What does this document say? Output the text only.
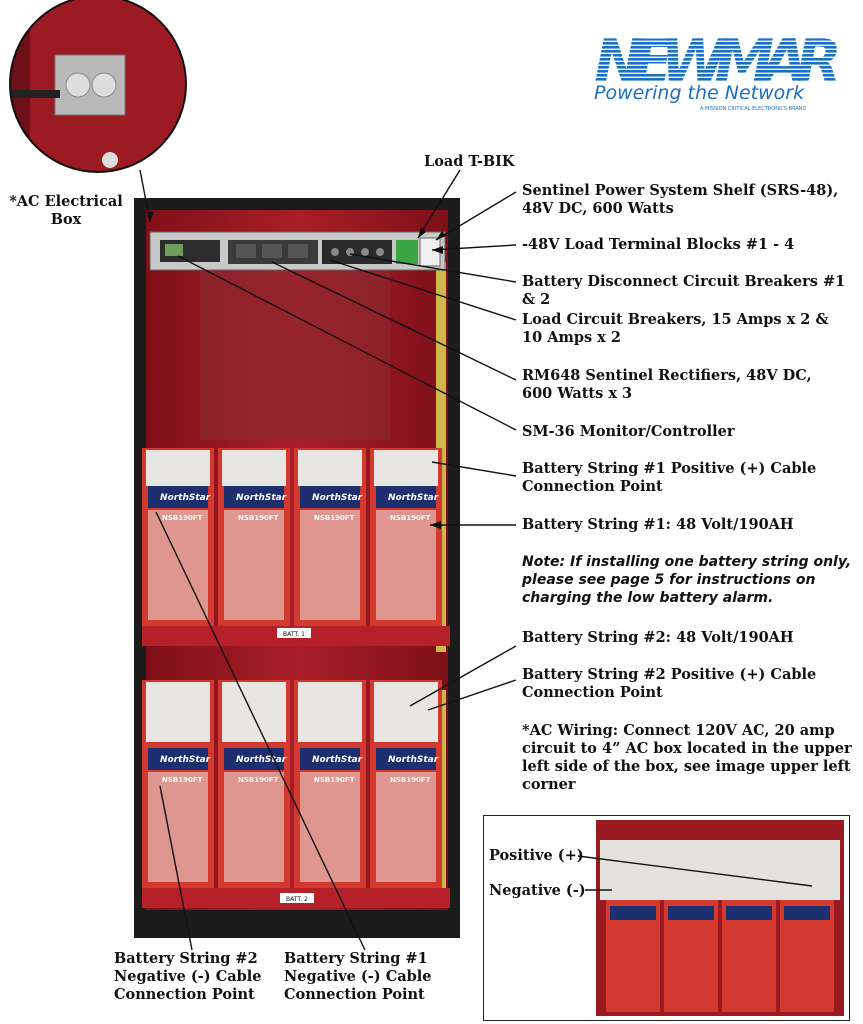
NEWMAR
Powering the Network
A MISSION CRITICAL ELECTRONICS BRAND
NorthStar	NorthStar	NorthStar	NorthStar
NorthStar	NorthStar	NorthStar	NorthStar
NSB190FT	NSB190FT	NSB190FT	NSB190FT
NSB190FT	NSB190FT	NSB190FT	NSB190FT
BATT. 1
BATT. 2
*AC Electrical Box
Load T-BIK
Sentinel Power System Shelf (SRS-48), 48V DC, 600 Watts
-48V Load Terminal Blocks #1 - 4
Battery Disconnect Circuit Breakers #1 & 2
Load Circuit Breakers, 15 Amps x 2 & 10 Amps x 2
RM648 Sentinel Rectifiers, 48V DC, 600 Watts x 3
SM-36 Monitor/Controller
Battery String #1 Positive (+) Cable Connection Point
Battery String #1: 48 Volt/190AH
Note: If installing one battery string only, please see page 5 for instructions on charging the low battery alarm.
Battery String #2: 48 Volt/190AH
Battery String #2 Positive (+) Cable Connection Point
*AC Wiring: Connect 120V AC, 20 amp circuit to 4” AC box located in the upper left side of the box, see image upper left corner
Battery String #2 Negative (-) Cable Connection Point
Battery String #1 Negative (-) Cable Connection Point
Positive (+)
Negative (-)
